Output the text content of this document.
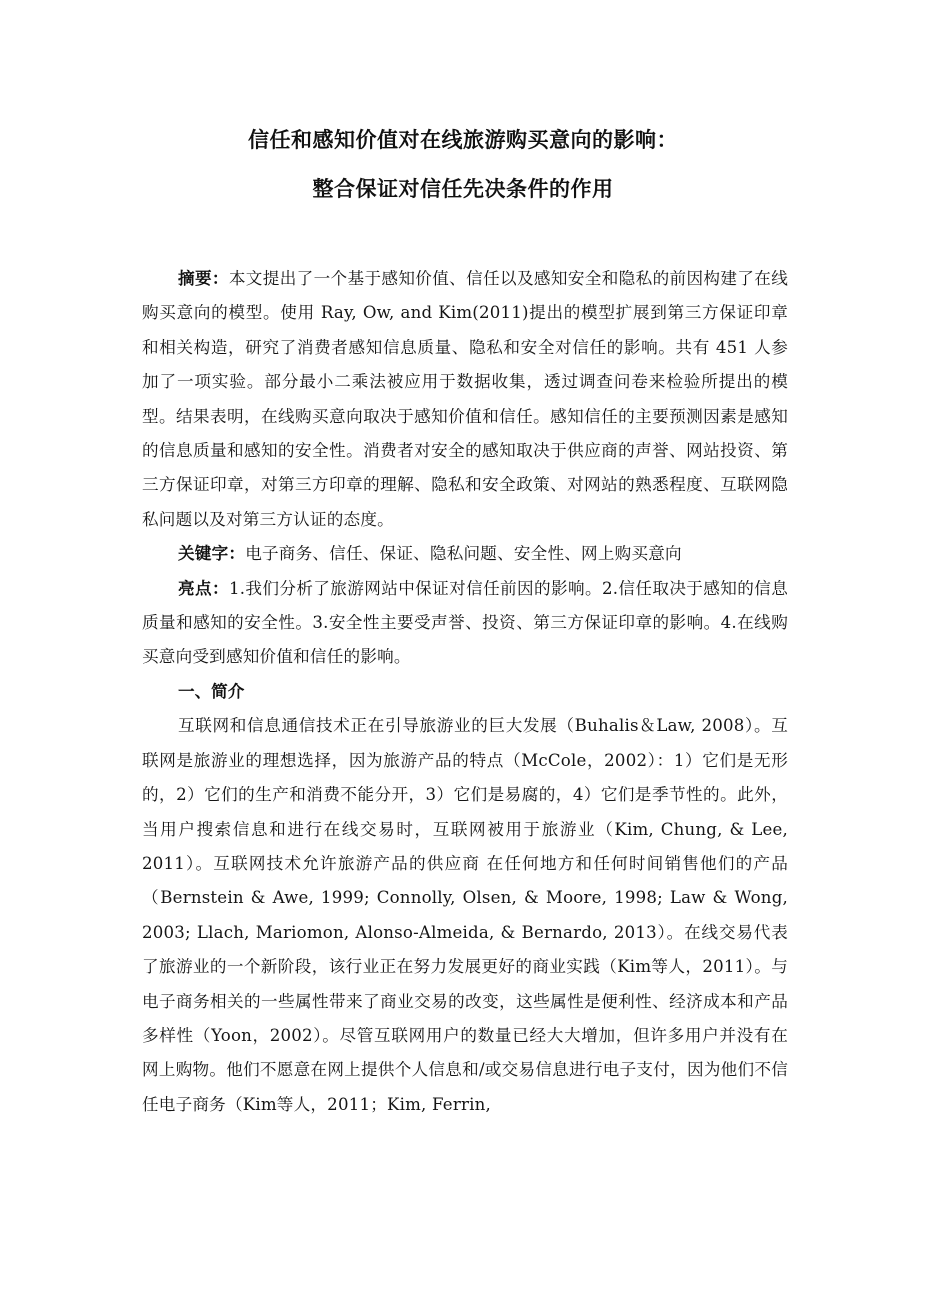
信任和感知价值对在线旅游购买意向的影响：
整合保证对信任先决条件的作用

摘要：本文提出了一个基于感知价值、信任以及感知安全和隐私的前因构建了在线购买意向的模型。使用 Ray, Ow, and Kim(2011)提出的模型扩展到第三方保证印章和相关构造，研究了消费者感知信息质量、隐私和安全对信任的影响。共有 451 人参加了一项实验。部分最小二乘法被应用于数据收集，透过调查问卷来检验所提出的模型。结果表明，在线购买意向取决于感知价值和信任。感知信任的主要预测因素是感知的信息质量和感知的安全性。消费者对安全的感知取决于供应商的声誉、网站投资、第三方保证印章，对第三方印章的理解、隐私和安全政策、对网站的熟悉程度、互联网隐私问题以及对第三方认证的态度。

关键字：电子商务、信任、保证、隐私问题、安全性、网上购买意向

亮点：1.我们分析了旅游网站中保证对信任前因的影响。2.信任取决于感知的信息质量和感知的安全性。3.安全性主要受声誉、投资、第三方保证印章的影响。4.在线购买意向受到感知价值和信任的影响。

一、简介

互联网和信息通信技术正在引导旅游业的巨大发展（Buhalis＆Law, 2008）。互联网是旅游业的理想选择，因为旅游产品的特点（McCole，2002）：1）它们是无形的，2）它们的生产和消费不能分开，3）它们是易腐的，4）它们是季节性的。此外，当用户搜索信息和进行在线交易时，互联网被用于旅游业（Kim, Chung, & Lee, 2011）。互联网技术允许旅游产品的供应商 在任何地方和任何时间销售他们的产品（Bernstein & Awe, 1999; Connolly, Olsen, & Moore, 1998; Law & Wong, 2003; Llach, Mariomon, Alonso-Almeida, & Bernardo, 2013）。在线交易代表了旅游业的一个新阶段，该行业正在努力发展更好的商业实践（Kim等人，2011）。与电子商务相关的一些属性带来了商业交易的改变，这些属性是便利性、经济成本和产品多样性（Yoon，2002）。尽管互联网用户的数量已经大大增加，但许多用户并没有在网上购物。他们不愿意在网上提供个人信息和/或交易信息进行电子支付，因为他们不信任电子商务（Kim等人，2011；Kim, Ferrin,
